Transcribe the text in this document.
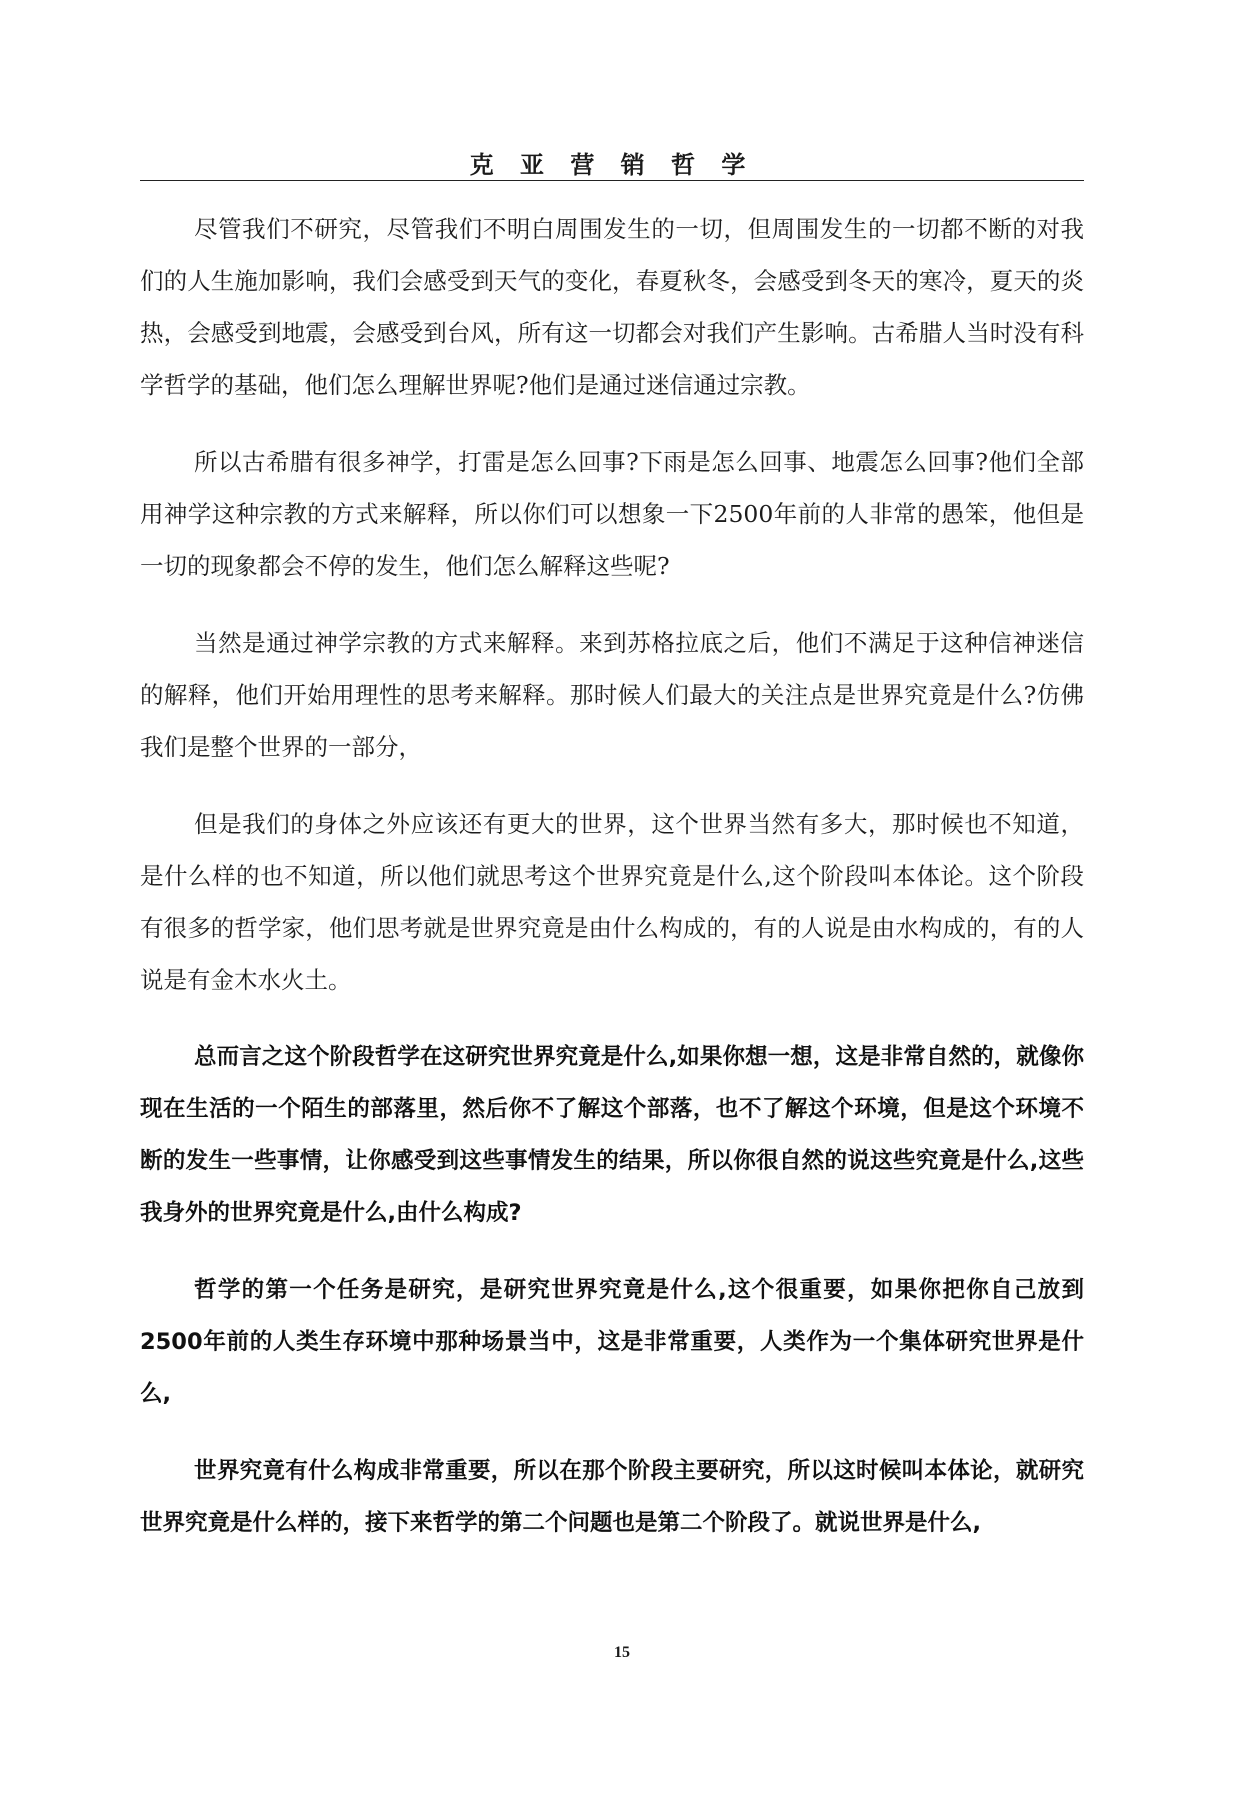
克 亚 营 销 哲 学

尽管我们不研究，尽管我们不明白周围发生的一切，但周围发生的一切都不断的对我们的人生施加影响，我们会感受到天气的变化，春夏秋冬，会感受到冬天的寒冷，夏天的炎热，会感受到地震，会感受到台风，所有这一切都会对我们产生影响。古希腊人当时没有科学哲学的基础，他们怎么理解世界呢?他们是通过迷信通过宗教。

所以古希腊有很多神学，打雷是怎么回事?下雨是怎么回事、地震怎么回事?他们全部用神学这种宗教的方式来解释，所以你们可以想象一下2500年前的人非常的愚笨，他但是一切的现象都会不停的发生，他们怎么解释这些呢?

当然是通过神学宗教的方式来解释。来到苏格拉底之后，他们不满足于这种信神迷信的解释，他们开始用理性的思考来解释。那时候人们最大的关注点是世界究竟是什么?仿佛我们是整个世界的一部分，

但是我们的身体之外应该还有更大的世界，这个世界当然有多大，那时候也不知道，是什么样的也不知道，所以他们就思考这个世界究竟是什么,这个阶段叫本体论。这个阶段有很多的哲学家，他们思考就是世界究竟是由什么构成的，有的人说是由水构成的，有的人说是有金木水火土。

总而言之这个阶段哲学在这研究世界究竟是什么,如果你想一想，这是非常自然的，就像你现在生活的一个陌生的部落里，然后你不了解这个部落，也不了解这个环境，但是这个环境不断的发生一些事情，让你感受到这些事情发生的结果，所以你很自然的说这些究竟是什么,这些我身外的世界究竟是什么,由什么构成?

哲学的第一个任务是研究，是研究世界究竟是什么,这个很重要，如果你把你自己放到2500年前的人类生存环境中那种场景当中，这是非常重要，人类作为一个集体研究世界是什么,

世界究竟有什么构成非常重要，所以在那个阶段主要研究，所以这时候叫本体论，就研究世界究竟是什么样的，接下来哲学的第二个问题也是第二个阶段了。就说世界是什么,

15
